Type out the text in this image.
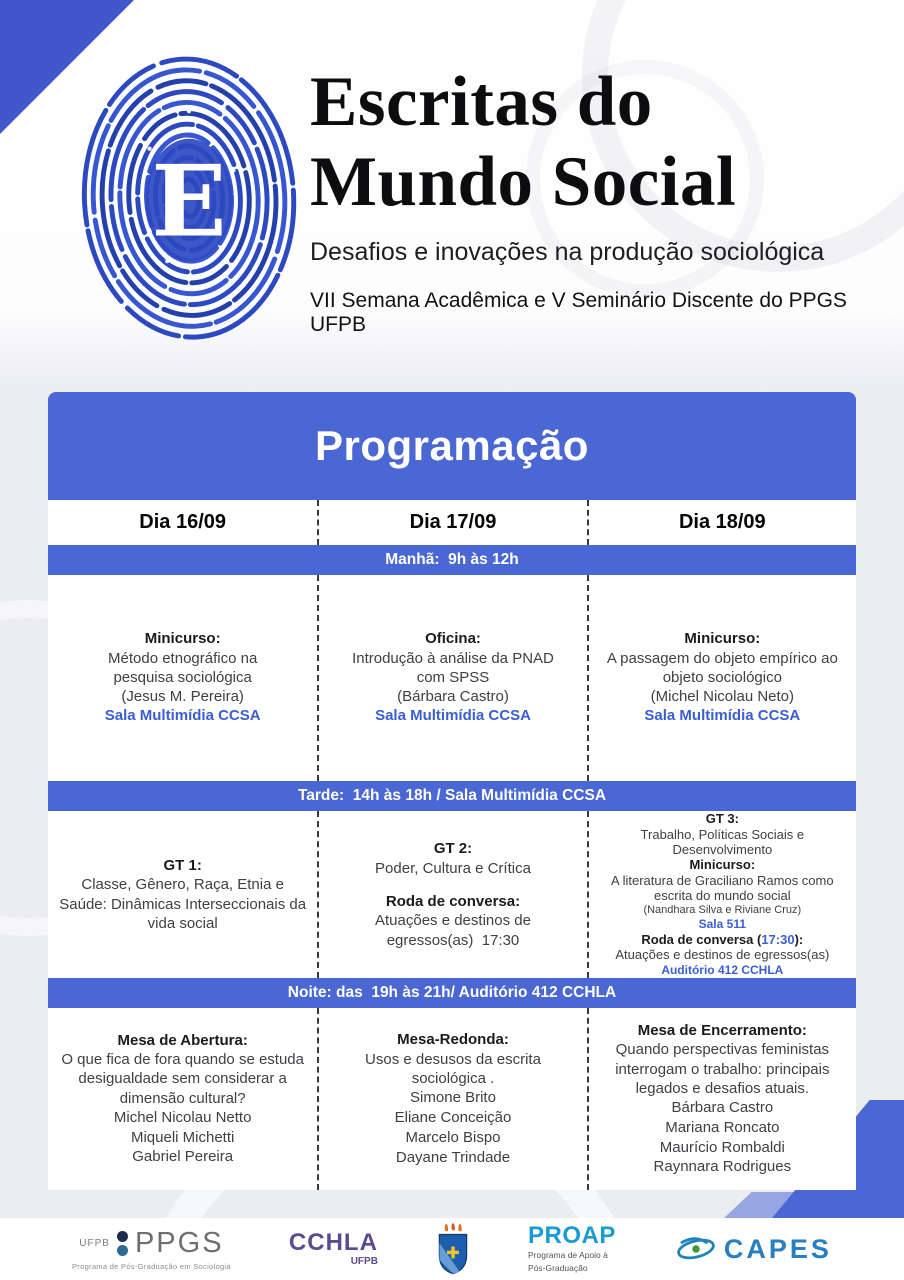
E
Escritas do
Mundo Social
Desafios e inovações na produção sociológica
VII Semana Acadêmica e V Seminário Discente do PPGS UFPB
Programação
Dia 16/09	Dia 17/09	Dia 18/09
Manhã:  9h às 12h
Minicurso:
Método etnográfico na pesquisa sociológica
(Jesus M. Pereira)
Sala Multimídia CCSA
Oficina:
Introdução à análise da PNAD com SPSS
(Bárbara Castro)
Sala Multimídia CCSA
Minicurso:
A passagem do objeto empírico ao objeto sociológico
(Michel Nicolau Neto)
Sala Multimídia CCSA
Tarde:  14h às 18h / Sala Multimídia CCSA
GT 1:
Classe, Gênero, Raça, Etnia e Saúde: Dinâmicas Interseccionais da vida social
GT 2:
Poder, Cultura e Crítica
Roda de conversa:
Atuações e destinos de egressos(as)  17:30
GT 3:
Trabalho, Políticas Sociais e Desenvolvimento
Minicurso:
A literatura de Graciliano Ramos como escrita do mundo social
(Nandhara Silva e Riviane Cruz)
Sala 511
Roda de conversa (17:30):
Atuações e destinos de egressos(as)
Auditório 412 CCHLA
Noite: das  19h às 21h/ Auditório 412 CCHLA
Mesa de Abertura:
O que fica de fora quando se estuda desigualdade sem considerar a dimensão cultural?
Michel Nicolau Netto
Miqueli Michetti
Gabriel Pereira
Mesa-Redonda:
Usos e desusos da escrita sociológica .
Simone Brito
Eliane Conceição
Marcelo Bispo
Dayane Trindade
Mesa de Encerramento:
Quando perspectivas feministas interrogam o trabalho: principais legados e desafios atuais.
Bárbara Castro
Mariana Roncato
Maurício Rombaldi
Raynnara Rodrigues
UFPB PPGS
Programa de Pós-Graduação em Sociologia
CCHLA
UFPB
PROAP
Programa de Apoio à
Pós-Graduação
CAPES
